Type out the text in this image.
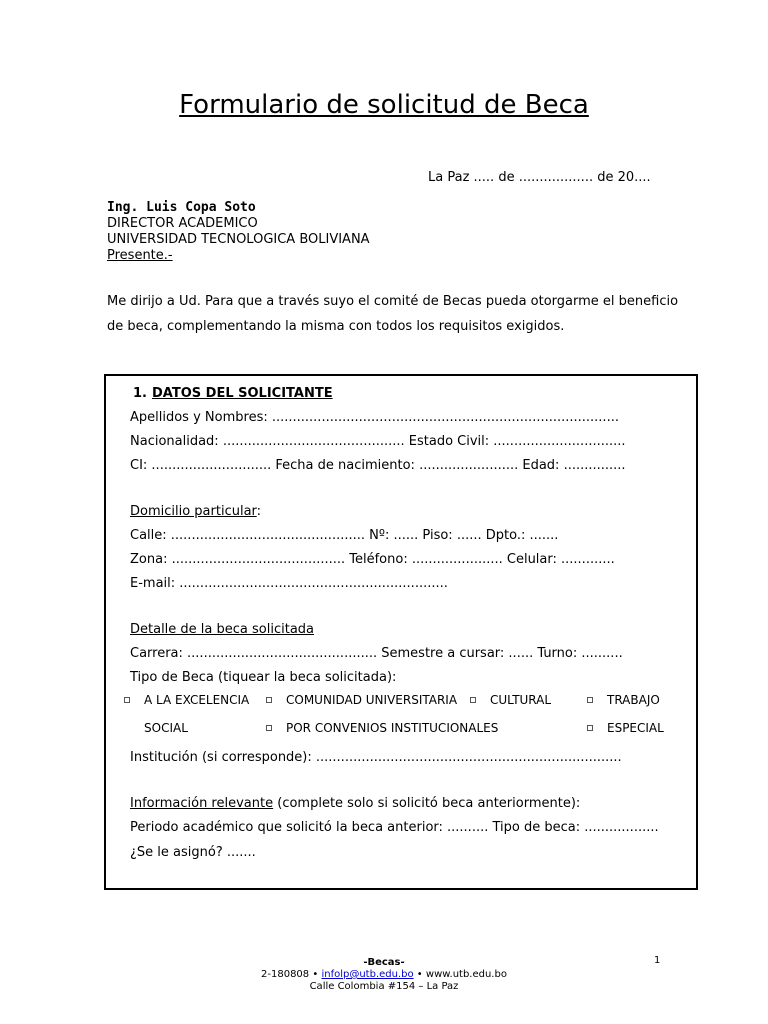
Formulario de solicitud de Beca
La Paz ..... de .................. de 20....
Ing. Luis Copa Soto
DIRECTOR ACADEMICO
UNIVERSIDAD TECNOLOGICA BOLIVIANA
Presente.-
Me dirijo a Ud. Para que a través suyo el comité de Becas pueda otorgarme el beneficio
de beca, complementando la misma con todos los requisitos exigidos.
1. DATOS DEL SOLICITANTE
Apellidos y Nombres: ....................................................................................
Nacionalidad: ............................................ Estado Civil: ................................
CI: ............................. Fecha de nacimiento: ........................ Edad: ...............
Domicilio particular:
Calle: ............................................... Nº: ...... Piso: ...... Dpto.: .......
Zona: .......................................... Teléfono: ...................... Celular: .............
E-mail: .................................................................
Detalle de la beca solicitada
Carrera: .............................................. Semestre a cursar: ...... Turno: ..........
Tipo de Beca (tiquear la beca solicitada):
A LA EXCELENCIA	COMUNIDAD UNIVERSITARIA	CULTURAL	TRABAJO
SOCIAL	POR CONVENIOS INSTITUCIONALES	ESPECIAL
Institución (si corresponde): ..........................................................................
Información relevante (complete solo si solicitó beca anteriormente):
Periodo académico que solicitó la beca anterior: .......... Tipo de beca: ..................
¿Se le asignó? .......
-Becas-
2-180808 • infolp@utb.edu.bo • www.utb.edu.bo
Calle Colombia #154 – La Paz
1
